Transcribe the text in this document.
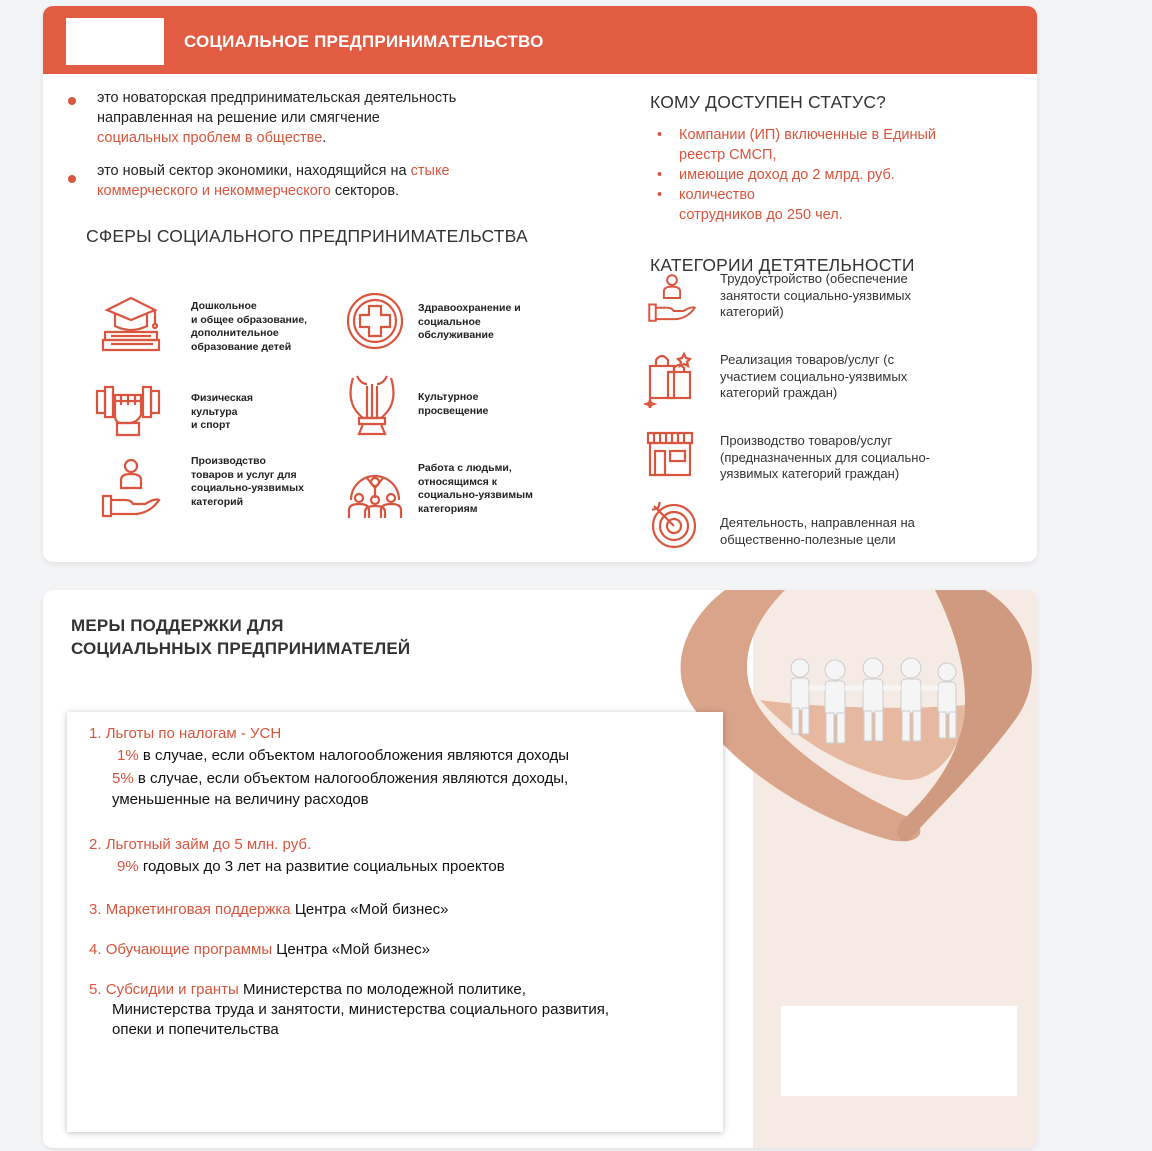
СОЦИАЛЬНОЕ ПРЕДПРИНИМАТЕЛЬСТВО
это новаторская предпринимательская деятельность
направленная на решение или смягчение
социальных проблем в обществе.
это новый сектор экономики, находящийся на стыке
коммерческого и некоммерческого секторов.
СФЕРЫ СОЦИАЛЬНОГО ПРЕДПРИНИМАТЕЛЬСТВА
Дошкольное
и общее образование,
дополнительное
образование детей
Здравоохранение и
социальное
обслуживание
Физическая
культура
и спорт
Культурное
просвещение
Производство
товаров и услуг для
социально-уязвимых
категорий
Работа с людьми,
относящимся к
социально-уязвимым
категориям
КОМУ ДОСТУПЕН СТАТУС?
• Компании (ИП) включенные в Единый
реестр СМСП,
• имеющие доход до 2 млрд. руб.
• количество
сотрудников до 250 чел.
КАТЕГОРИИ ДЕТЯТЕЛЬНОСТИ
Трудоустройство (обеспечение
занятости социально-уязвимых
категорий)
Реализация товаров/услуг (с
участием социально-уязвимых
категорий граждан)
Производство товаров/услуг
(предназначенных для социально-
уязвимых категорий граждан)
Деятельность, направленная на
общественно-полезные цели
МЕРЫ ПОДДЕРЖКИ ДЛЯ
СОЦИАЛЬННЫХ ПРЕДПРИНИМАТЕЛЕЙ
1. Льготы по налогам - УСН
1% в случае, если объектом налогообложения являются доходы
5% в случае, если объектом налогообложения являются доходы,
уменьшенные на величину расходов
2. Льготный займ до 5 млн. руб.
9% годовых до 3 лет на развитие социальных проектов
3. Маркетинговая поддержка Центра «Мой бизнес»
4. Обучающие программы Центра «Мой бизнес»
5. Субсидии и гранты Министерства по молодежной политике,
Министерства труда и занятости, министерства социального развития,
опеки и попечительства
